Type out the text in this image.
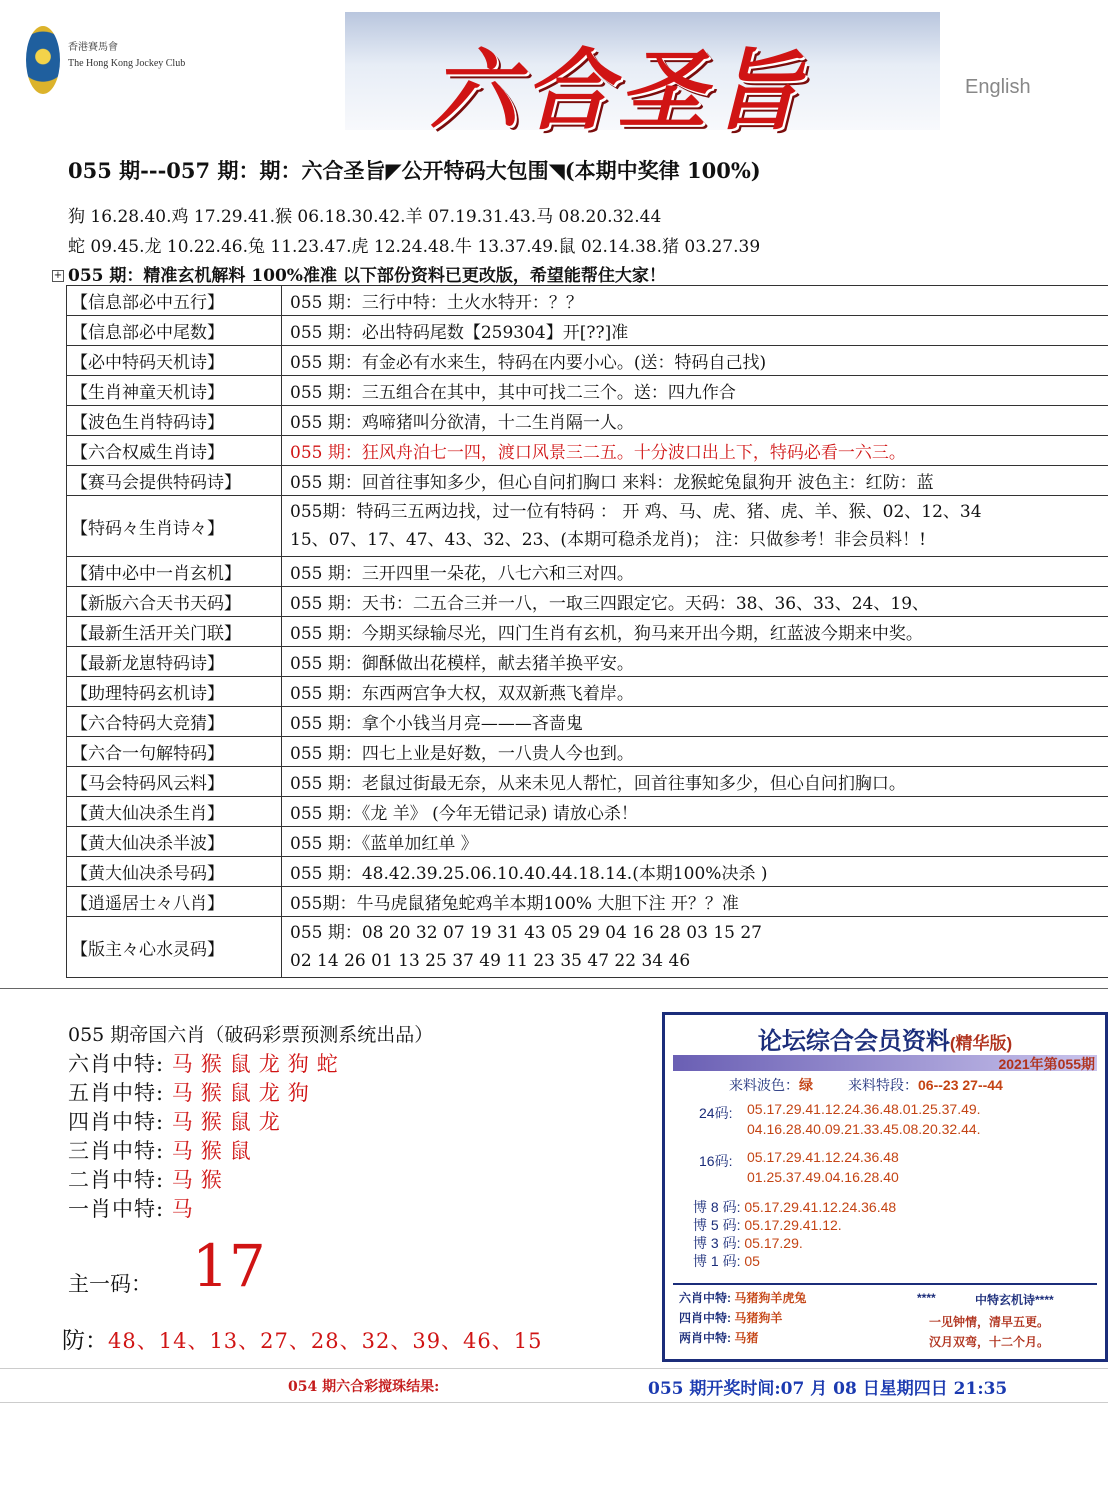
香港賽馬會
The Hong Kong Jockey Club	六合圣旨	English
055 期---057 期：期：六合圣旨◤公开特码大包围◥(本期中奖律 100%)
狗 16.28.40.鸡 17.29.41.猴 06.18.30.42.羊 07.19.31.43.马 08.20.32.44
蛇 09.45.龙 10.22.46.兔 11.23.47.虎 12.24.48.牛 13.37.49.鼠 02.14.38.猪 03.27.39
+ 055 期：精准玄机解料 100%准准 以下部份资料已更改版，希望能帮住大家！
【信息部必中五行】	055 期：三行中特：土火水特开：？？
【信息部必中尾数】	055 期：必出特码尾数【259304】开[??]准
【必中特码天机诗】	055 期：有金必有水来生，特码在内要小心。(送：特码自己找)
【生肖神童天机诗】	055 期：三五组合在其中，其中可找二三个。送：四九作合
【波色生肖特码诗】	055 期：鸡啼猪叫分欲清，十二生肖隔一人。
【六合权威生肖诗】	055 期：狂风舟泊七一四，渡口风景三二五。十分波口出上下，特码必看一六三。
【赛马会提供特码诗】	055 期：回首往事知多少，但心自问扪胸口 来料：龙猴蛇兔鼠狗开 波色主：红防：蓝
【特码々生肖诗々】	055期：特码三五两边找，过一位有特码 ： 开 鸡、马、虎、猪、虎、羊、猴、02、12、34
15、07、17、47、43、32、23、(本期可稳杀龙肖)； 注：只做参考！非会员料！!

【猜中必中一肖玄机】	055 期：三开四里一朵花，八七六和三对四。
【新版六合天书天码】	055 期：天书：二五合三并一八，一取三四跟定它。天码：38、36、33、24、19、
【最新生活开关门联】	055 期：今期买绿输尽光，四门生肖有玄机，狗马来开出今期，红蓝波今期来中奖。
【最新龙崽特码诗】	055 期：御酥做出花模样，献去猪羊换平安。
【助理特码玄机诗】	055 期：东西两宫争大权，双双新燕飞着岸。
【六合特码大竞猜】	055 期：拿个小钱当月亮———吝啬鬼
【六合一句解特码】	055 期：四七上业是好数，一八贵人今也到。
【马会特码风云料】	055 期：老鼠过街最无奈，从来未见人帮忙，回首往事知多少，但心自问扪胸口。
【黄大仙决杀生肖】	055 期：《龙 羊》 (今年无错记录) 请放心杀！
【黄大仙决杀半波】	055 期：《蓝单加红单 》
【黄大仙决杀号码】	055 期：48.42.39.25.06.10.40.44.18.14.(本期100%决杀 )
【逍遥居士々八肖】	055期：牛马虎鼠猪兔蛇鸡羊本期100% 大胆下注 开？？准
【版主々心水灵码】	055 期：08 20 32 07 19 31 43 05 29 04 16 28 03 15 27
02 14 26 01 13 25 37 49 11 23 35 47 22 34 46
055 期帝国六肖（破码彩票预测系统出品）
六肖中特: 马猴鼠龙狗蛇
五肖中特: 马猴鼠龙狗
四肖中特: 马猴鼠龙
三肖中特: 马猴鼠
二肖中特: 马猴
一肖中特: 马
主一码： 17
防：48、14、13、27、28、32、39、46、15
论坛综合会员资料(精华版)
2021年第055期
来料波色：绿	来料特段：06--23 27--44
24码: 05.17.29.41.12.24.36.48.01.25.37.49.
04.16.28.40.09.21.33.45.08.20.32.44.
16码: 05.17.29.41.12.24.36.48
01.25.37.49.04.16.28.40
博 8 码: 05.17.29.41.12.24.36.48
博 5 码: 05.17.29.41.12.
博 3 码: 05.17.29.
博 1 码: 05
六肖中特: 马猪狗羊虎兔
四肖中特: 马猪狗羊
两肖中特: 马猪
****	中特玄机诗****
一见钟情，清早五更。
汉月双弯，十二个月。
054 期六合彩搅珠结果:	055 期开奖时间:07 月 08 日星期四日 21:35
